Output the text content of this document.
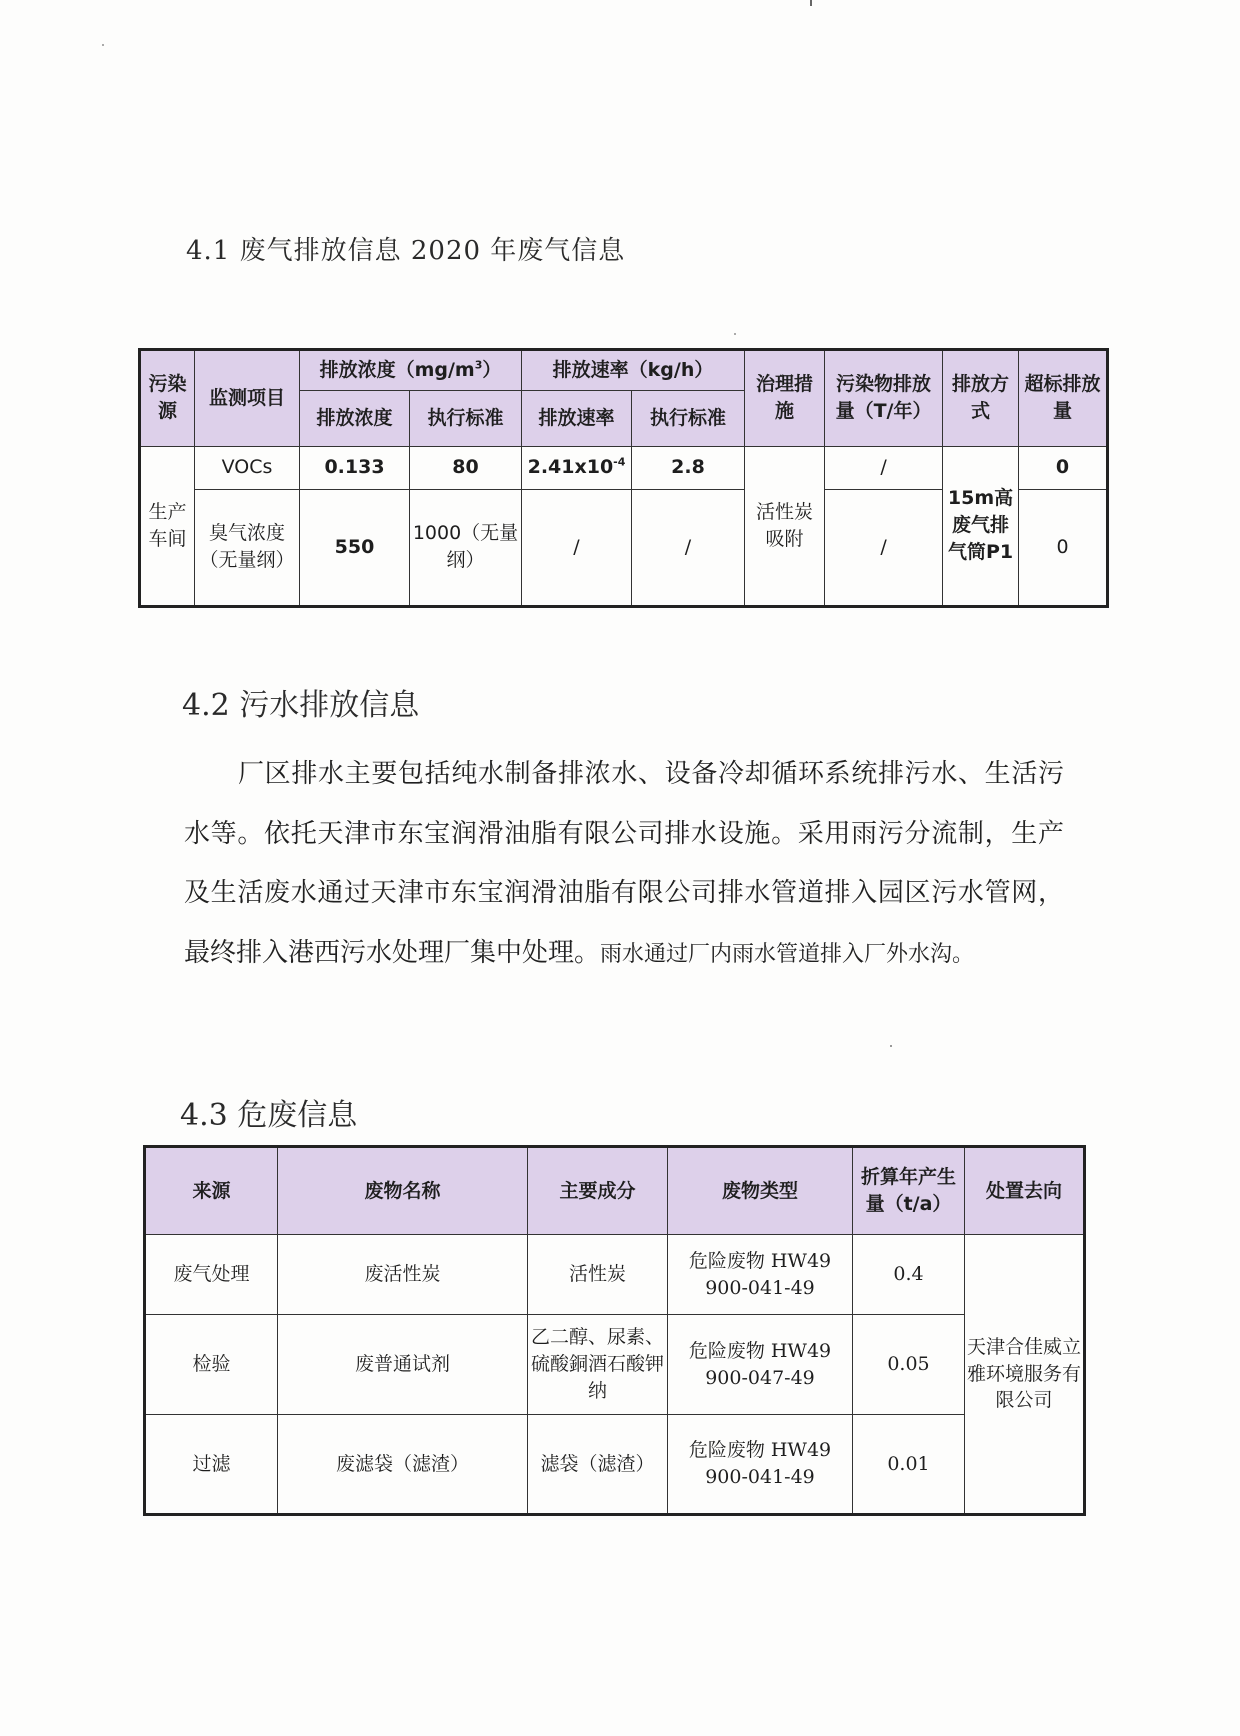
4.1 废气排放信息 2020 年废气信息
污染源	监测项目	排放浓度$(mg/m^3)$		排放速率（kg/h）		治理措施	污染物排放量（T/年）	排放方式	超标排放量
		排放浓度	执行标准	排放速率	执行标准				
生产车间	VOCs	0.133	80	$2.41x10^{-4}$	2.8	活性炭吸附	/	15m高废气排气筒P1	0
	臭气浓度（无量纲）	550	1000（无量纲）	/	/		/		0
4.2 污水排放信息

厂区排水主要包括纯水制备排浓水、设备冷却循环系统排污水、生活污水等。依托天津市东宝润滑油脂有限公司排水设施。采用雨污分流制，生产及生活废水通过天津市东宝润滑油脂有限公司排水管道排入园区污水管网，最终排入港西污水处理厂集中处理。雨水通过厂内雨水管道排入厂外水沟。

4.3 危废信息
来源	废物名称	主要成分	废物类型	折算年产生量（t/a）	处置去向
废气处理	废活性炭	活性炭	危险废物 HW49
900-041-49	0.4	天津合佳威立雅环境服务有限公司
检验	废普通试剂	乙二醇、尿素、硫酸銅酒石酸钾纳	危险废物 HW49
900-047-49	0.05	
过滤	废滤袋（滤渣）	滤袋（滤渣）	危险废物 HW49
900-041-49	0.01	
